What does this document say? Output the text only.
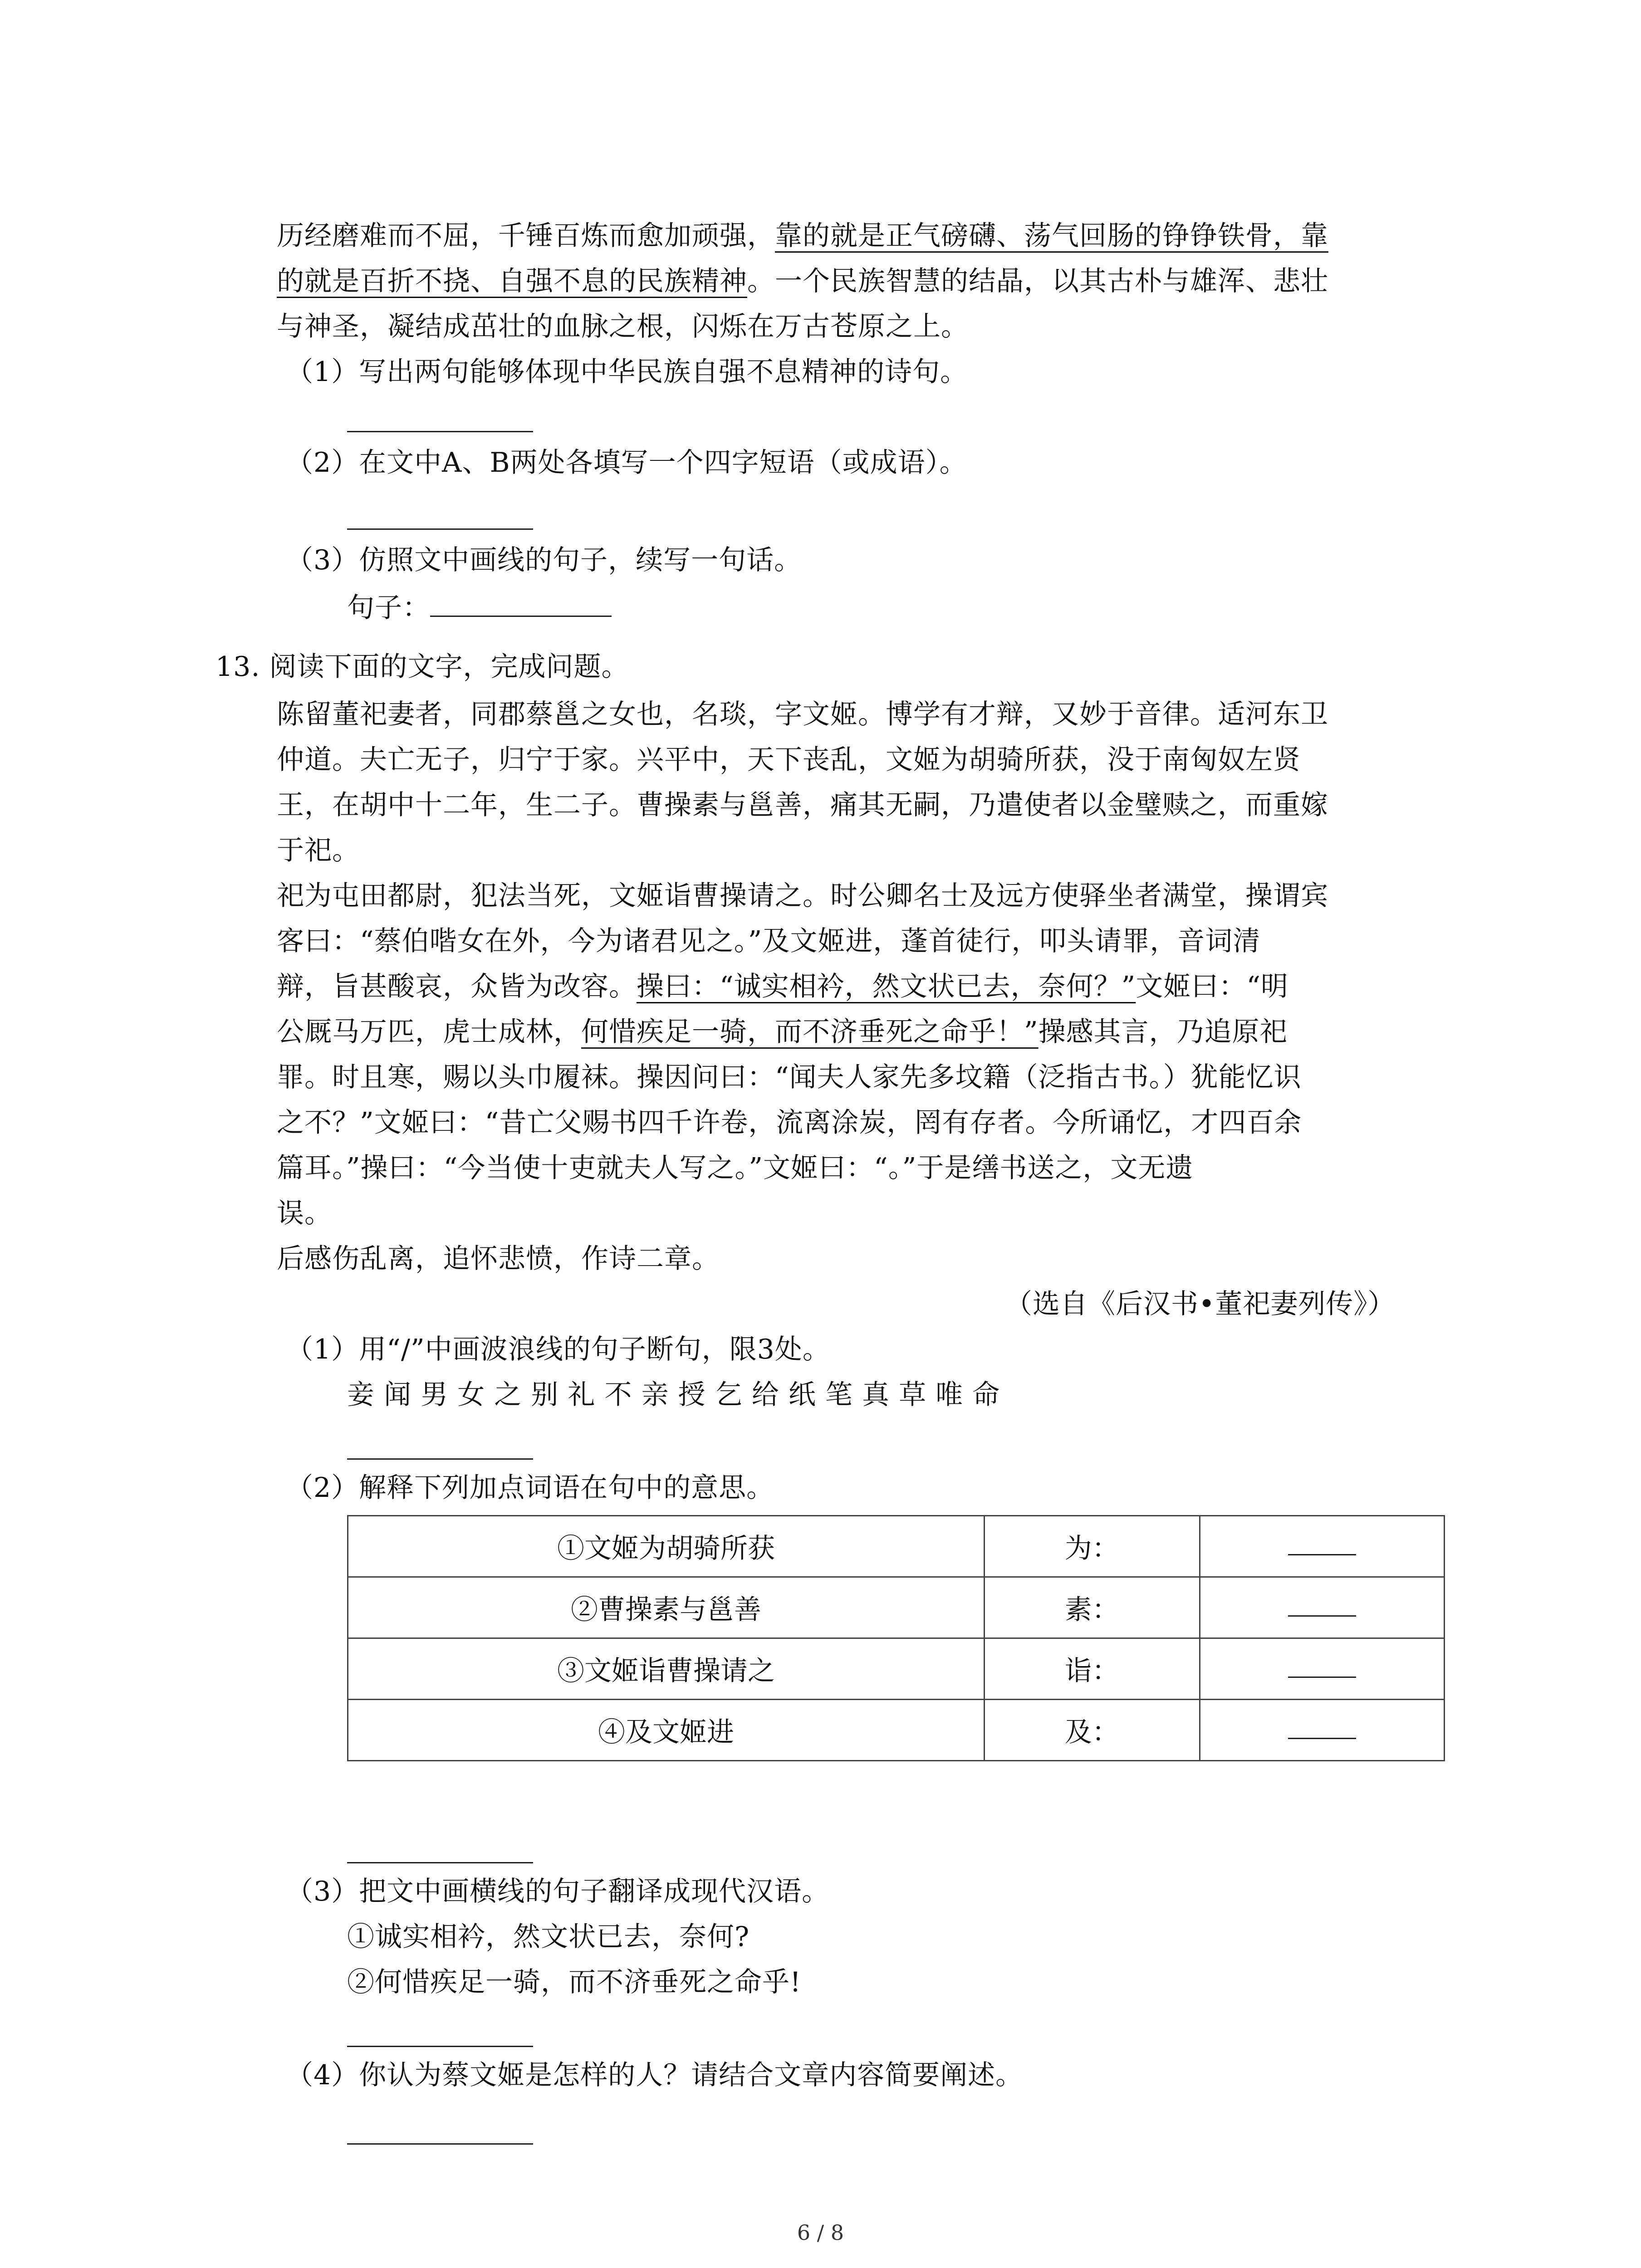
历经磨难而不屈，千锤百炼而愈加顽强，靠的就是正气磅礴、荡气回肠的铮铮铁骨，靠
的就是百折不挠、自强不息的民族精神。一个民族智慧的结晶，以其古朴与雄浑、悲壮
与神圣，凝结成茁壮的血脉之根，闪烁在万古苍原之上。
（1）写出两句能够体现中华民族自强不息精神的诗句。
（2）在文中A、B两处各填写一个四字短语（或成语）。
（3）仿照文中画线的句子，续写一句话。
句子：
13. 阅读下面的文字，完成问题。
陈留董祀妻者，同郡蔡邕之女也，名琰，字文姬。博学有才辩，又妙于音律。适河东卫
仲道。夫亡无子，归宁于家。兴平中，天下丧乱，文姬为胡骑所获，没于南匈奴左贤
王，在胡中十二年，生二子。曹操素与邕善，痛其无嗣，乃遣使者以金璧赎之，而重嫁
于祀。
祀为屯田都尉，犯法当死，文姬诣曹操请之。时公卿名士及远方使驿坐者满堂，操谓宾
客曰：“蔡伯喈女在外，今为诸君见之。”及文姬进，蓬首徒行，叩头请罪，音词清
辩，旨甚酸哀，众皆为改容。操曰：“诚实相衿，然文状已去，奈何？”文姬曰：“明
公厩马万匹，虎士成林，何惜疾足一骑，而不济垂死之命乎！”操感其言，乃追原祀
罪。时且寒，赐以头巾履袜。操因问曰：“闻夫人家先多坟籍（泛指古书。）犹能忆识
之不？”文姬曰：“昔亡父赐书四千许卷，流离涂炭，罔有存者。今所诵忆，才四百余
篇耳。”操曰：“今当使十吏就夫人写之。”文姬曰：“。”于是缮书送之，文无遗
误。
后感伤乱离，追怀悲愤，作诗二章。
（选自《后汉书•董祀妻列传》）
（1）用“/”中画波浪线的句子断句，限3处。
妾 闻 男 女 之 别 礼 不 亲 授 乞 给 纸 笔 真 草 唯 命
（2）解释下列加点词语在句中的意思。
①文姬为胡骑所获	为：	
②曹操素与邕善	素：	
③文姬诣曹操请之	诣：	
④及文姬进	及：	
（3）把文中画横线的句子翻译成现代汉语。
①诚实相衿，然文状已去，奈何?
②何惜疾足一骑，而不济垂死之命乎!
（4）你认为蔡文姬是怎样的人？请结合文章内容简要阐述。
6 / 8
